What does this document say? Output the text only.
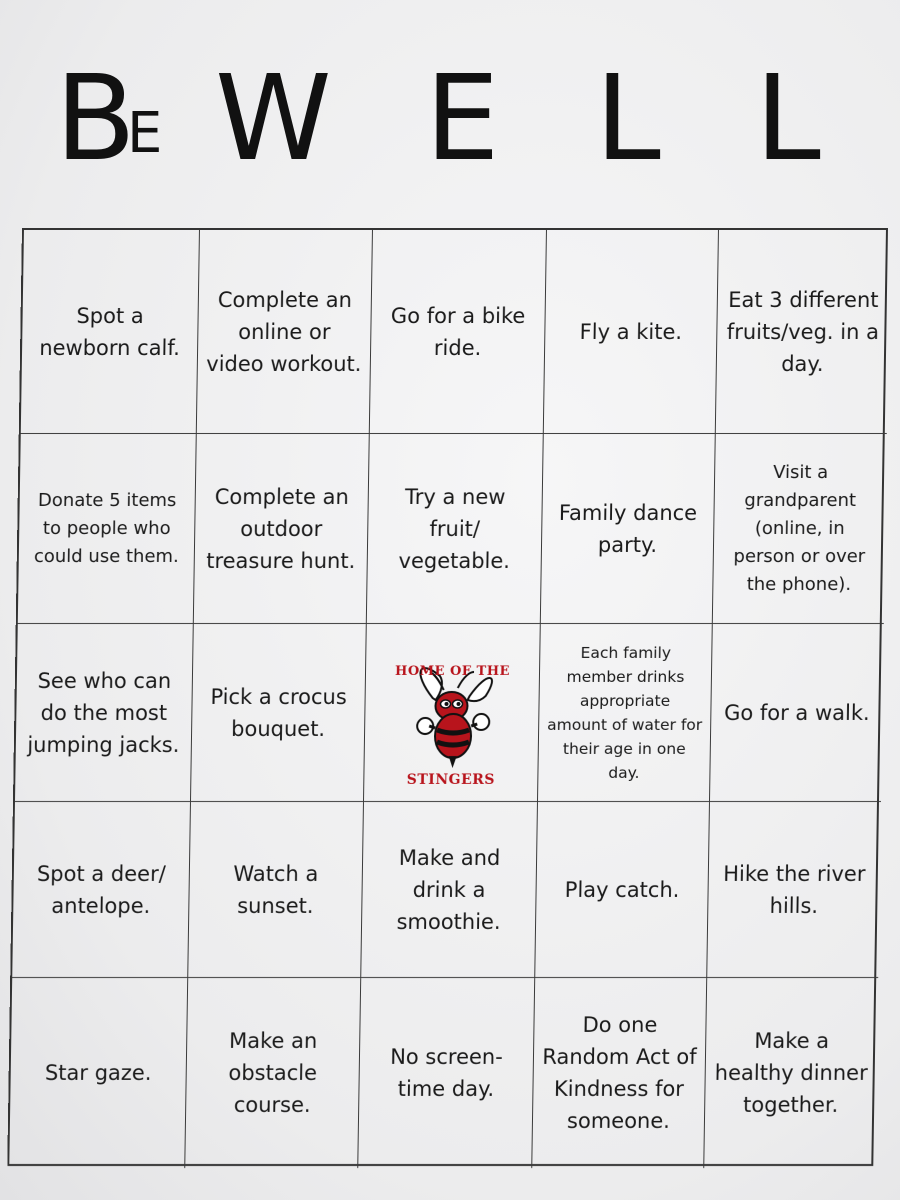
B
E W E L L
Spot a newborn calf.
Complete an online or video workout.
Go for a bike ride.
Fly a kite.
Eat 3 different fruits/veg. in a day.
Donate 5 items to people who could use them.
Complete an outdoor treasure hunt.
Try a new fruit/ vegetable.
Family dance party.
Visit a grandparent (online, in person or over the phone).
See who can do the most jumping jacks.
Pick a crocus bouquet.
HOME OF THE
STINGERS
Each family member drinks appropriate amount of water for their age in one day.
Go for a walk.
Spot a deer/ antelope.
Watch a sunset.
Make and drink a smoothie.
Play catch.
Hike the river hills.
Star gaze.
Make an obstacle course.
No screen-time day.
Do one Random Act of Kindness for someone.
Make a healthy dinner together.
